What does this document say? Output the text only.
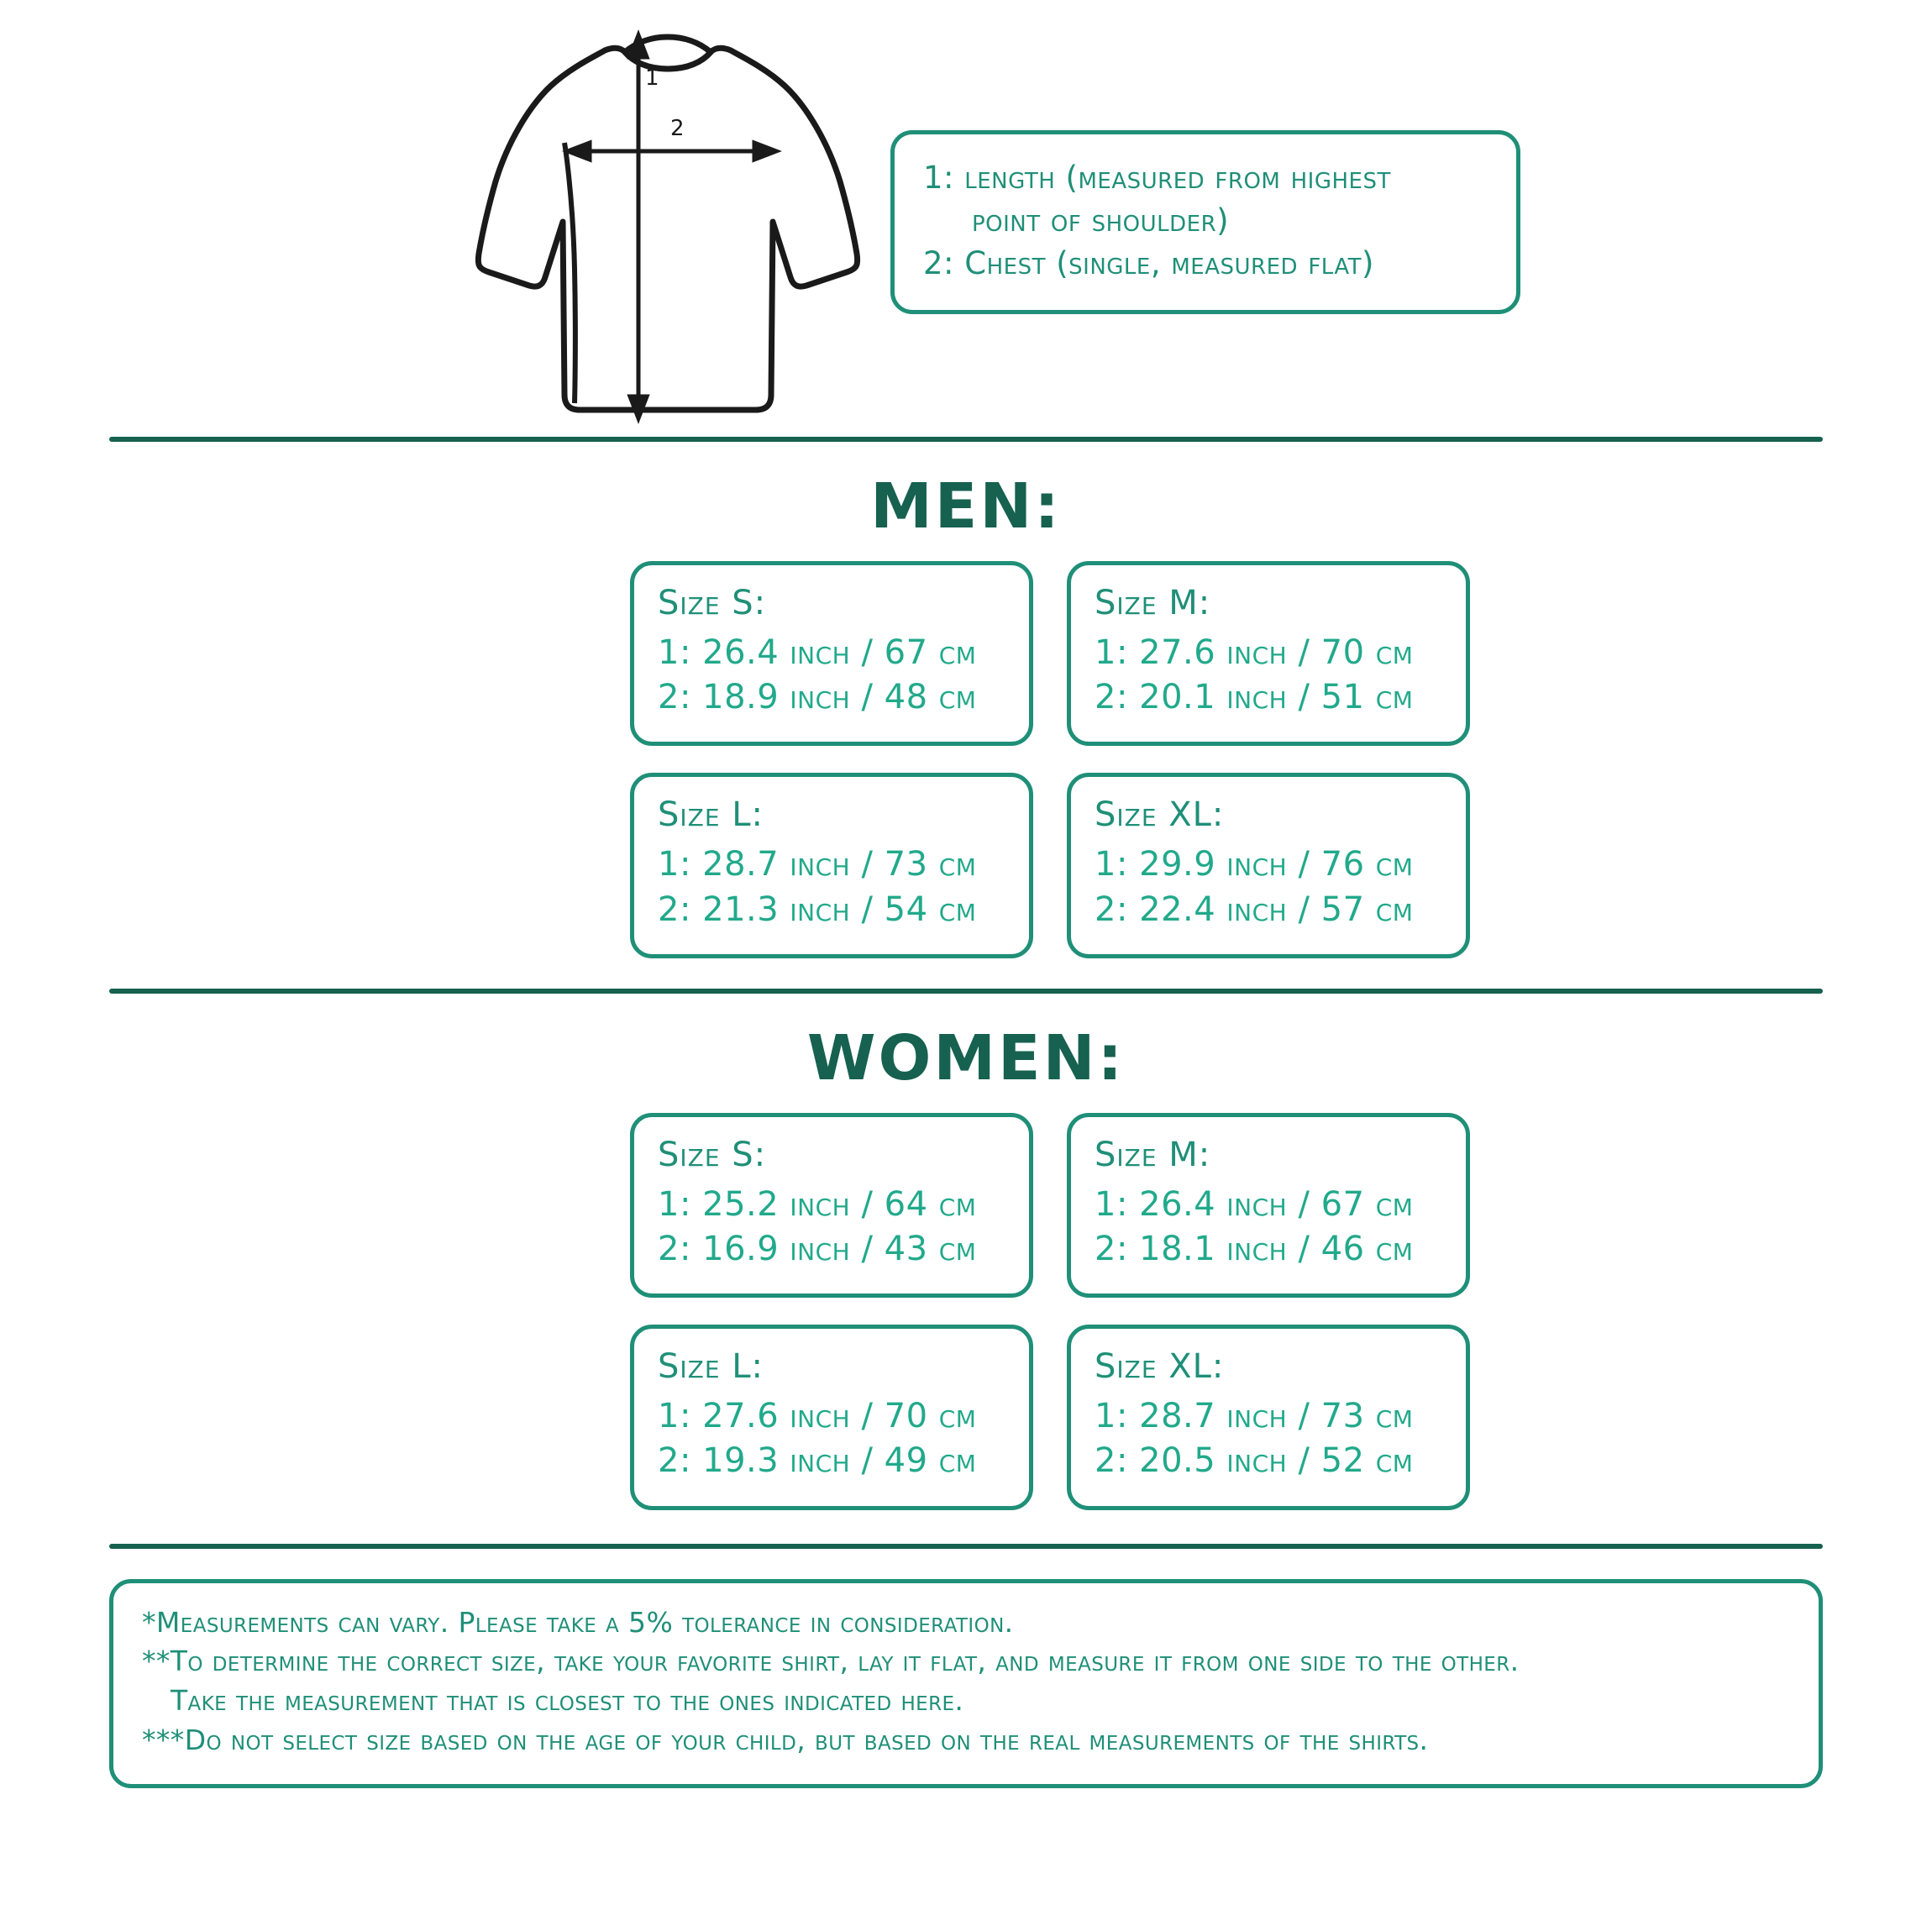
1
2
1: length (measured from highest
point of shoulder)
2: Chest (single, measured flat)
MEN:
Size S:
1: 26.4 inch / 67 cm
2: 18.9 inch / 48 cm
Size M:
1: 27.6 inch / 70 cm
2: 20.1 inch / 51 cm
Size L:
1: 28.7 inch / 73 cm
2: 21.3 inch / 54 cm
Size XL:
1: 29.9 inch / 76 cm
2: 22.4 inch / 57 cm
WOMEN:
Size S:
1: 25.2 inch / 64 cm
2: 16.9 inch / 43 cm
Size M:
1: 26.4 inch / 67 cm
2: 18.1 inch / 46 cm
Size L:
1: 27.6 inch / 70 cm
2: 19.3 inch / 49 cm
Size XL:
1: 28.7 inch / 73 cm
2: 20.5 inch / 52 cm
*Measurements can vary. Please take a 5% tolerance in consideration.
**To determine the correct size, take your favorite shirt, lay it flat, and measure it from one side to the other.
Take the measurement that is closest to the ones indicated here.
***Do not select size based on the age of your child, but based on the real measurements of the shirts.
